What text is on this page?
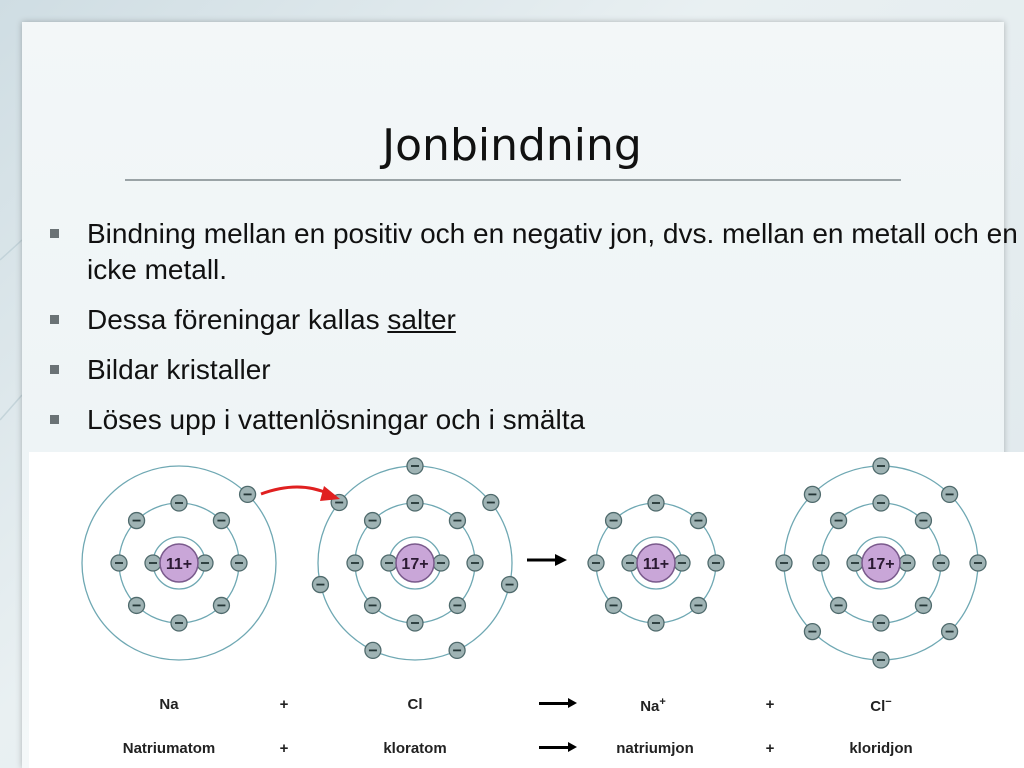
Jonbindning
Bindning mellan en positiv och en negativ jon, dvs. mellan en metall och en icke metall.
Dessa föreningar kallas salter
Bildar kristaller
Löses upp i vattenlösningar och i smälta
11+	17+	11+	17+
Na	+	Cl	Na+	+	Cl−
Natriumatom	+	kloratom	natriumjon	+	kloridjon
